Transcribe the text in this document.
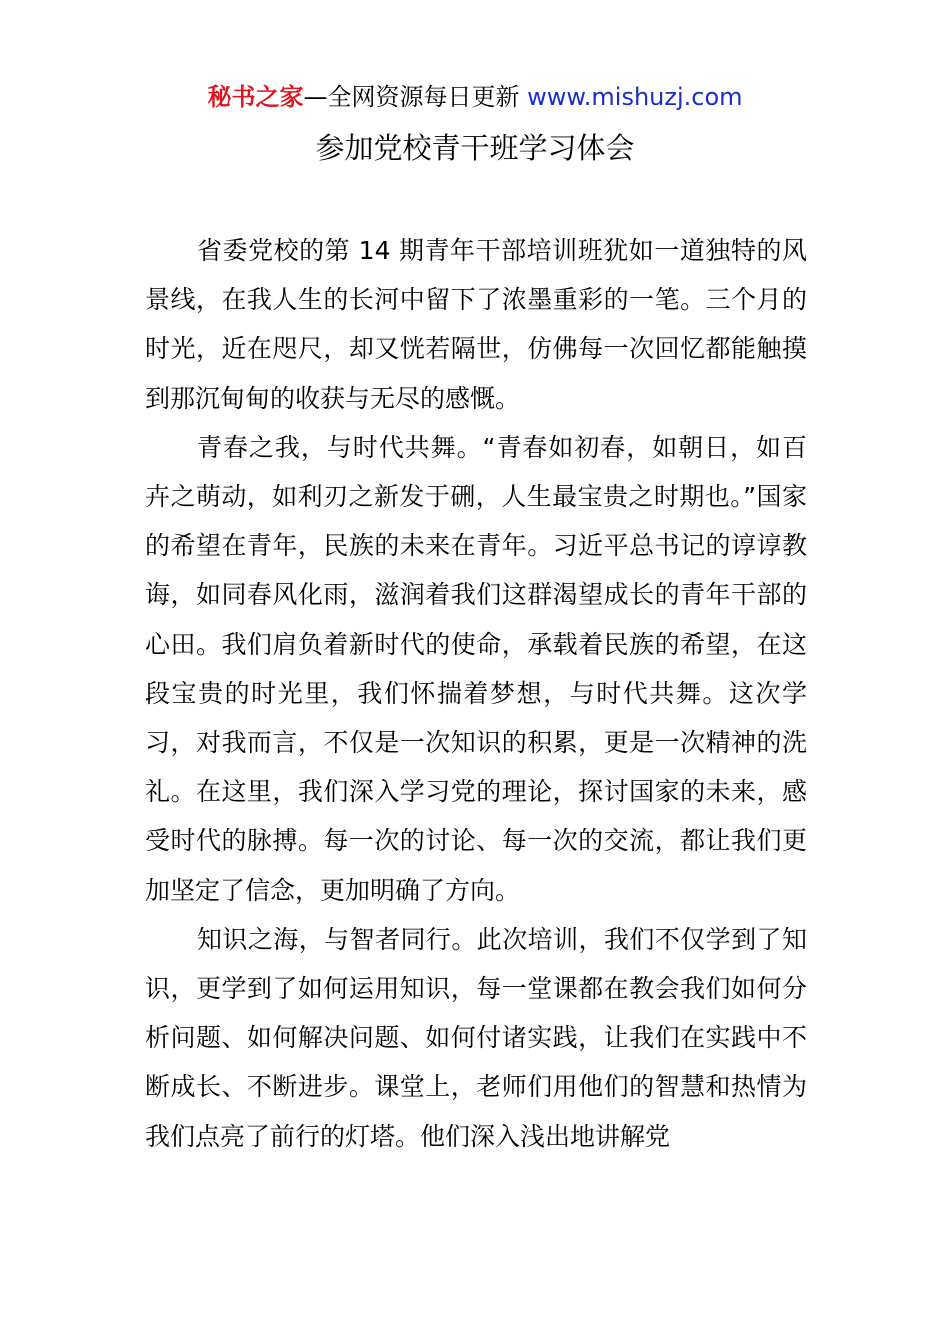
秘书之家—全网资源每日更新 www.mishuzj.com
参加党校青干班学习体会

省委党校的第 14 期青年干部培训班犹如一道独特的风景线，在我人生的长河中留下了浓墨重彩的一笔。三个月的时光，近在咫尺，却又恍若隔世，仿佛每一次回忆都能触摸到那沉甸甸的收获与无尽的感慨。

青春之我，与时代共舞。“青春如初春，如朝日，如百卉之萌动，如利刃之新发于硎，人生最宝贵之时期也。”国家的希望在青年，民族的未来在青年。习近平总书记的谆谆教诲，如同春风化雨，滋润着我们这群渴望成长的青年干部的心田。我们肩负着新时代的使命，承载着民族的希望，在这段宝贵的时光里，我们怀揣着梦想，与时代共舞。这次学习，对我而言，不仅是一次知识的积累，更是一次精神的洗礼。在这里，我们深入学习党的理论，探讨国家的未来，感受时代的脉搏。每一次的讨论、每一次的交流，都让我们更加坚定了信念，更加明确了方向。

知识之海，与智者同行。此次培训，我们不仅学到了知识，更学到了如何运用知识，每一堂课都在教会我们如何分析问题、如何解决问题、如何付诸实践，让我们在实践中不断成长、不断进步。课堂上，老师们用他们的智慧和热情为我们点亮了前行的灯塔。他们深入浅出地讲解党
